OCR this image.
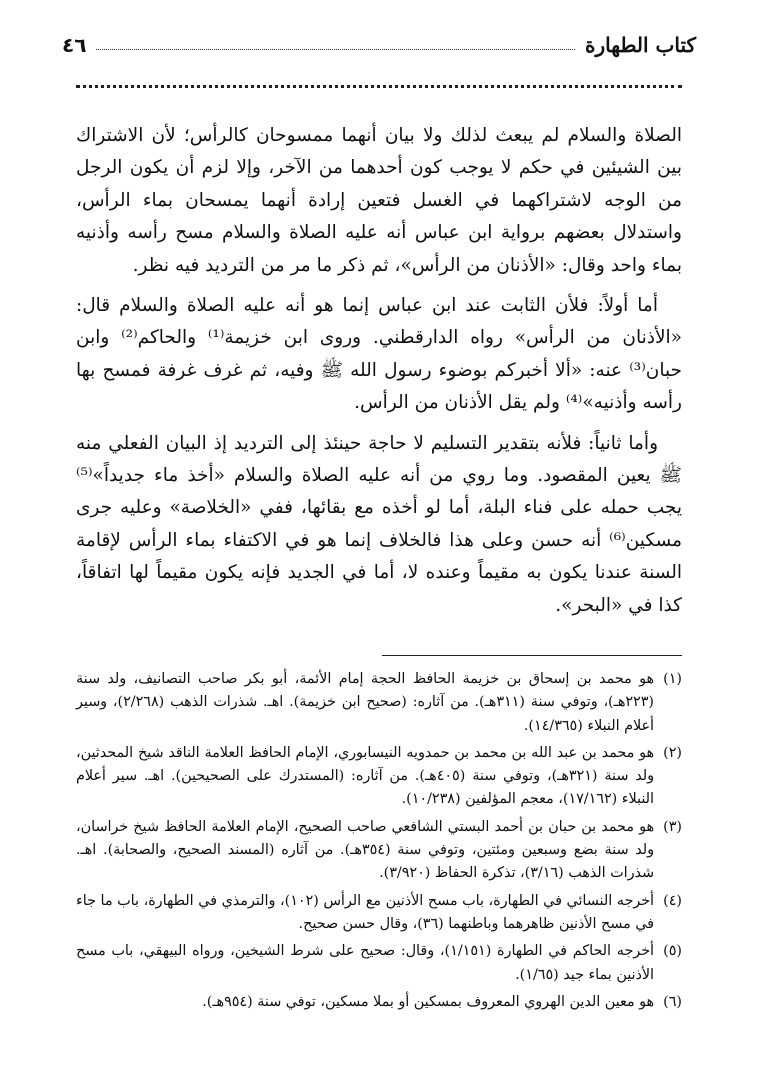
كتاب الطهارة
٤٦

الصلاة والسلام لم يبعث لذلك ولا بيان أنهما ممسوحان كالرأس؛ لأن الاشتراك بين الشيئين في حكم لا يوجب كون أحدهما من الآخر، وإلا لزم أن يكون الرجل من الوجه لاشتراكهما في الغسل فتعين إرادة أنهما يمسحان بماء الرأس، واستدلال بعضهم برواية ابن عباس أنه عليه الصلاة والسلام مسح رأسه وأذنيه بماء واحد وقال: «الأذنان من الرأس»، ثم ذكر ما مر من الترديد فيه نظر.

أما أولاً: فلأن الثابت عند ابن عباس إنما هو أنه عليه الصلاة والسلام قال: «الأذنان من الرأس» رواه الدارقطني. وروى ابن خزيمة⁽¹⁾ والحاكم⁽²⁾ وابن حبان⁽³⁾ عنه: «ألا أخبركم بوضوء رسول الله ﷺ وفيه، ثم غرف غرفة فمسح بها رأسه وأذنيه»⁽⁴⁾ ولم يقل الأذنان من الرأس.

وأما ثانياً: فلأنه بتقدير التسليم لا حاجة حينئذ إلى الترديد إذ البيان الفعلي منه ﷺ يعين المقصود. وما روي من أنه عليه الصلاة والسلام «أخذ ماء جديداً»⁽⁵⁾ يجب حمله على فناء البلة، أما لو أخذه مع بقائها، ففي «الخلاصة» وعليه جرى مسكين⁽⁶⁾ أنه حسن وعلى هذا فالخلاف إنما هو في الاكتفاء بماء الرأس لإقامة السنة عندنا يكون به مقيماً وعنده لا، أما في الجديد فإنه يكون مقيماً لها اتفاقاً، كذا في «البحر».

(١)
هو محمد بن إسحاق بن خزيمة الحافظ الحجة إمام الأئمة، أبو بكر صاحب التصانيف، ولد سنة (٢٢٣هـ)، وتوفي سنة (٣١١هـ). من آثاره: (صحيح ابن خزيمة). اهـ. شذرات الذهب (٢/٢٦٨)، وسير أعلام النبلاء (١٤/٣٦٥).
(٢)
هو محمد بن عبد الله بن محمد بن حمدويه النيسابوري، الإمام الحافظ العلامة الناقد شيخ المحدثين، ولد سنة (٣٢١هـ)، وتوفي سنة (٤٠٥هـ). من آثاره: (المستدرك على الصحيحين). اهـ. سير أعلام النبلاء (١٧/١٦٢)، معجم المؤلفين (١٠/٢٣٨).
(٣)
هو محمد بن حبان بن أحمد البستي الشافعي صاحب الصحيح، الإمام العلامة الحافظ شيخ خراسان، ولد سنة بضع وسبعين ومئتين، وتوفي سنة (٣٥٤هـ). من آثاره (المسند الصحيح، والصحابة). اهـ. شذرات الذهب (٣/١٦)، تذكرة الحفاظ (٣/٩٢٠).
(٤)
أخرجه النسائي في الطهارة، باب مسح الأذنين مع الرأس (١٠٢)، والترمذي في الطهارة، باب ما جاء في مسح الأذنين ظاهرهما وباطنهما (٣٦)، وقال حسن صحيح.
(٥)
أخرجه الحاكم في الطهارة (١/١٥١)، وقال: صحيح على شرط الشيخين، ورواه البيهقي، باب مسح الأذنين بماء جيد (١/٦٥).
(٦)
هو معين الدين الهروي المعروف بمسكين أو بملا مسكين، توفي سنة (٩٥٤هـ).
